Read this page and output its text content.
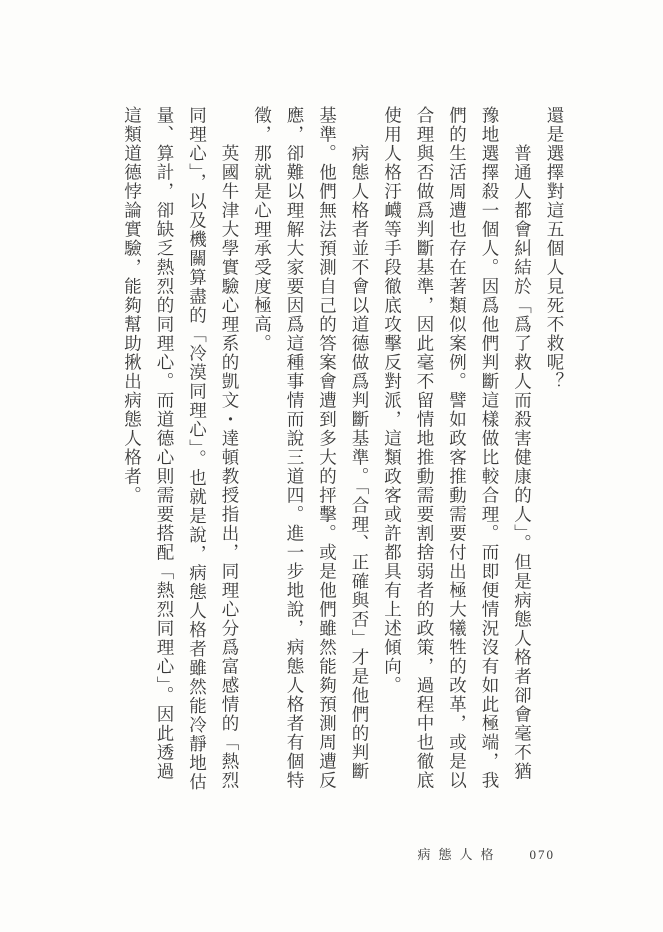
還是選擇對這五個人見死不救呢？

普通人都會糾結於「爲了救人而殺害健康的人」。但是病態人格者卻會毫不猶豫地選擇殺一個人。因爲他們判斷這樣做比較合理。而即便情況沒有如此極端，我們的生活周遭也存在著類似案例。譬如政客推動需要付出極大犧牲的改革，或是以合理與否做爲判斷基準，因此毫不留情地推動需要割捨弱者的政策，過程中也徹底使用人格汙衊等手段徹底攻擊反對派，這類政客或許都具有上述傾向。

病態人格者並不會以道德做爲判斷基準。「合理、正確與否」才是他們的判斷基準。他們無法預測自己的答案會遭到多大的抨擊。或是他們雖然能夠預測周遭反應，卻難以理解大家要因爲這種事情而說三道四。進一步地說，病態人格者有個特徵，那就是心理承受度極高。

英國牛津大學實驗心理系的凱文・達頓教授指出，同理心分爲富感情的「熱烈同理心」，以及機關算盡的「冷漠同理心」。也就是說，病態人格者雖然能冷靜地估量、算計，卻缺乏熱烈的同理心。而道德心則需要搭配「熱烈同理心」。因此透過這類道德悖論實驗，能夠幫助揪出病態人格者。

病態人格 070
